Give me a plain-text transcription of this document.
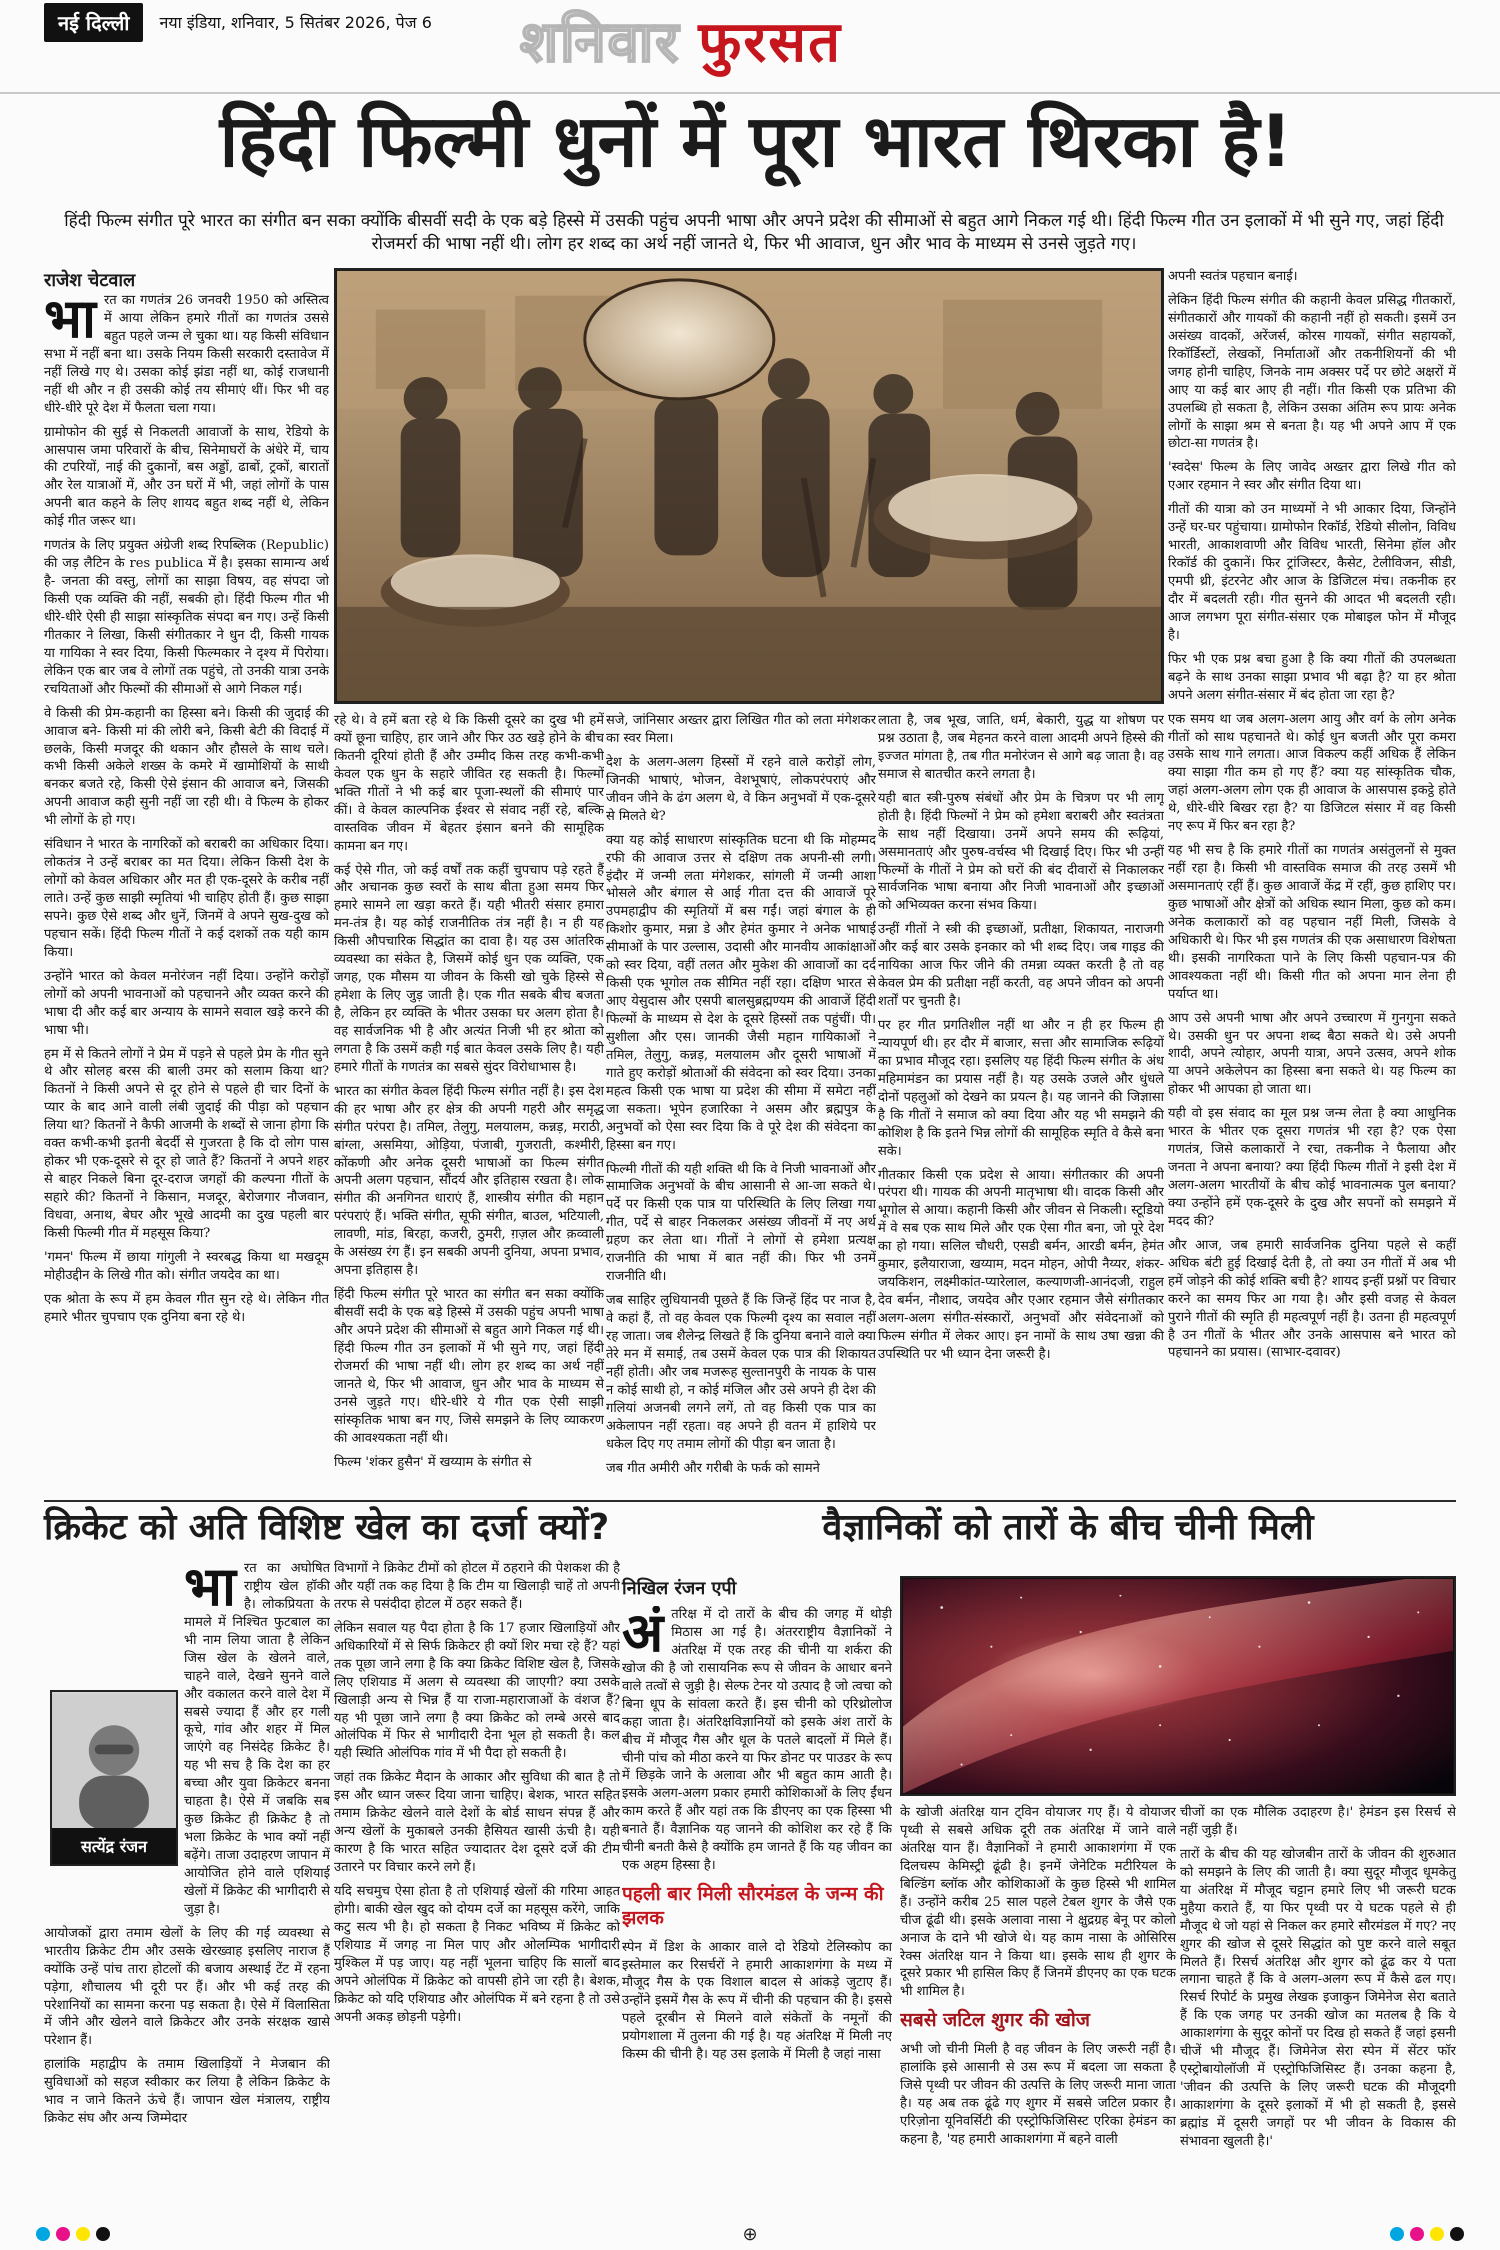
नई दिल्ली	नया इंडिया, शनिवार, 5 सितंबर 2026, पेज 6 शनिवार फुरसत
हिंदी फिल्मी धुनों में पूरा भारत थिरका है!
हिंदी फिल्म संगीत पूरे भारत का संगीत बन सका क्योंकि बीसवीं सदी के एक बड़े हिस्से में उसकी पहुंच अपनी भाषा और अपने प्रदेश की सीमाओं से बहुत आगे निकल गई थी। हिंदी फिल्म गीत उन इलाकों में भी सुने गए, जहां हिंदी रोजमर्रा की भाषा नहीं थी। लोग हर शब्द का अर्थ नहीं जानते थे, फिर भी आवाज, धुन और भाव के माध्यम से उनसे जुड़ते गए।
राजेश चेटवाल

भा रत का गणतंत्र 26 जनवरी 1950 को अस्तित्व में आया लेकिन हमारे गीतों का गणतंत्र उससे बहुत पहले जन्म ले चुका था। यह किसी संविधान सभा में नहीं बना था। उसके नियम किसी सरकारी दस्तावेज में नहीं लिखे गए थे। उसका कोई झंडा नहीं था, कोई राजधानी नहीं थी और न ही उसकी कोई तय सीमाएं थीं। फिर भी वह धीरे-धीरे पूरे देश में फैलता चला गया।

ग्रामोफोन की सुई से निकलती आवाजों के साथ, रेडियो के आसपास जमा परिवारों के बीच, सिनेमाघरों के अंधेरे में, चाय की टपरियों, नाई की दुकानों, बस अड्डों, ढाबों, ट्रकों, बारातों और रेल यात्राओं में, और उन घरों में भी, जहां लोगों के पास अपनी बात कहने के लिए शायद बहुत शब्द नहीं थे, लेकिन कोई गीत जरूर था।

गणतंत्र के लिए प्रयुक्त अंग्रेजी शब्द रिपब्लिक (Republic) की जड़ लैटिन के res publica में है। इसका सामान्य अर्थ है- जनता की वस्तु, लोगों का साझा विषय, वह संपदा जो किसी एक व्यक्ति की नहीं, सबकी हो। हिंदी फिल्म गीत भी धीरे-धीरे ऐसी ही साझा सांस्कृतिक संपदा बन गए। उन्हें किसी गीतकार ने लिखा, किसी संगीतकार ने धुन दी, किसी गायक या गायिका ने स्वर दिया, किसी फिल्मकार ने दृश्य में पिरोया। लेकिन एक बार जब वे लोगों तक पहुंचे, तो उनकी यात्रा उनके रचयिताओं और फिल्मों की सीमाओं से आगे निकल गई।

वे किसी की प्रेम-कहानी का हिस्सा बने। किसी की जुदाई की आवाज बने- किसी मां की लोरी बने, किसी बेटी की विदाई में छलके, किसी मजदूर की थकान और हौसले के साथ चले। कभी किसी अकेले शख्स के कमरे में खामोशियों के साथी बनकर बजते रहे, किसी ऐसे इंसान की आवाज बने, जिसकी अपनी आवाज कही सुनी नहीं जा रही थी। वे फिल्म के होकर भी लोगों के हो गए।

संविधान ने भारत के नागरिकों को बराबरी का अधिकार दिया। लोकतंत्र ने उन्हें बराबर का मत दिया। लेकिन किसी देश के लोगों को केवल अधिकार और मत ही एक-दूसरे के करीब नहीं लाते। उन्हें कुछ साझी स्मृतियां भी चाहिए होती हैं। कुछ साझा सपने। कुछ ऐसे शब्द और धुनें, जिनमें वे अपने सुख-दुख को पहचान सकें। हिंदी फिल्म गीतों ने कई दशकों तक यही काम किया।

उन्होंने भारत को केवल मनोरंजन नहीं दिया। उन्होंने करोड़ों लोगों को अपनी भावनाओं को पहचानने और व्यक्त करने की भाषा दी और कई बार अन्याय के सामने सवाल खड़े करने की भाषा भी।

हम में से कितने लोगों ने प्रेम में पड़ने से पहले प्रेम के गीत सुने थे और सोलह बरस की बाली उमर को सलाम किया था? कितनों ने किसी अपने से दूर होने से पहले ही चार दिनों के प्यार के बाद आने वाली लंबी जुदाई की पीड़ा को पहचान लिया था? कितनों ने कैफी आजमी के शब्दों से जाना होगा कि वक्त कभी-कभी इतनी बेदर्दी से गुजरता है कि दो लोग पास होकर भी एक-दूसरे से दूर हो जाते हैं? कितनों ने अपने शहर से बाहर निकले बिना दूर-दराज जगहों की कल्पना गीतों के सहारे की? कितनों ने किसान, मजदूर, बेरोजगार नौजवान, विधवा, अनाथ, बेघर और भूखे आदमी का दुख पहली बार किसी फिल्मी गीत में महसूस किया?

'गमन' फिल्म में छाया गांगुली ने स्वरबद्ध किया था मखदूम मोहीउद्दीन के लिखे गीत को। संगीत जयदेव का था।

एक श्रोता के रूप में हम केवल गीत सुन रहे थे। लेकिन गीत हमारे भीतर चुपचाप एक दुनिया बना रहे थे।

रहे थे। वे हमें बता रहे थे कि किसी दूसरे का दुख भी हमें क्यों छूना चाहिए, हार जाने और फिर उठ खड़े होने के बीच कितनी दूरियां होती हैं और उम्मीद किस तरह कभी-कभी केवल एक धुन के सहारे जीवित रह सकती है। फिल्मों भक्ति गीतों ने भी कई बार पूजा-स्थलों की सीमाएं पार कीं। वे केवल काल्पनिक ईश्वर से संवाद नहीं रहे, बल्कि वास्तविक जीवन में बेहतर इंसान बनने की सामूहिक कामना बन गए।

कई ऐसे गीत, जो कई वर्षों तक कहीं चुपचाप पड़े रहते हैं और अचानक कुछ स्वरों के साथ बीता हुआ समय फिर हमारे सामने ला खड़ा करते हैं। यही भीतरी संसार हमारा मन-तंत्र है। यह कोई राजनीतिक तंत्र नहीं है। न ही यह किसी औपचारिक सिद्धांत का दावा है। यह उस आंतरिक व्यवस्था का संकेत है, जिसमें कोई धुन एक व्यक्ति, एक जगह, एक मौसम या जीवन के किसी खो चुके हिस्से से हमेशा के लिए जुड़ जाती है। एक गीत सबके बीच बजता है, लेकिन हर व्यक्ति के भीतर उसका घर अलग होता है। वह सार्वजनिक भी है और अत्यंत निजी भी हर श्रोता को लगता है कि उसमें कही गई बात केवल उसके लिए है। यही हमारे गीतों के गणतंत्र का सबसे सुंदर विरोधाभास है।

भारत का संगीत केवल हिंदी फिल्म संगीत नहीं है। इस देश की हर भाषा और हर क्षेत्र की अपनी गहरी और समृद्ध संगीत परंपरा है। तमिल, तेलुगु, मलयालम, कन्नड़, मराठी, बांग्ला, असमिया, ओड़िया, पंजाबी, गुजराती, कश्मीरी, कोंकणी और अनेक दूसरी भाषाओं का फिल्म संगीत अपनी अलग पहचान, सौंदर्य और इतिहास रखता है। लोक संगीत की अनगिनत धाराएं हैं, शास्त्रीय संगीत की महान परंपराएं हैं। भक्ति संगीत, सूफी संगीत, बाउल, भटियाली, लावणी, मांड, बिरहा, कजरी, ठुमरी, ग़ज़ल और क़व्वाली के असंख्य रंग हैं। इन सबकी अपनी दुनिया, अपना प्रभाव, अपना इतिहास है।

हिंदी फिल्म संगीत पूरे भारत का संगीत बन सका क्योंकि बीसवीं सदी के एक बड़े हिस्से में उसकी पहुंच अपनी भाषा और अपने प्रदेश की सीमाओं से बहुत आगे निकल गई थी। हिंदी फिल्म गीत उन इलाकों में भी सुने गए, जहां हिंदी रोजमर्रा की भाषा नहीं थी। लोग हर शब्द का अर्थ नहीं जानते थे, फिर भी आवाज, धुन और भाव के माध्यम से उनसे जुड़ते गए। धीरे-धीरे ये गीत एक ऐसी साझी सांस्कृतिक भाषा बन गए, जिसे समझने के लिए व्याकरण की आवश्यकता नहीं थी।

फिल्म 'शंकर हुसैन' में खय्याम के संगीत से

सजे, जांनिसार अख्तर द्वारा लिखित गीत को लता मंगेशकर का स्वर मिला।

देश के अलग-अलग हिस्सों में रहने वाले करोड़ों लोग, जिनकी भाषाएं, भोजन, वेशभूषाएं, लोकपरंपराएं और जीवन जीने के ढंग अलग थे, वे किन अनुभवों में एक-दूसरे से मिलते थे?

क्या यह कोई साधारण सांस्कृतिक घटना थी कि मोहम्मद रफी की आवाज उत्तर से दक्षिण तक अपनी-सी लगी। इंदौर में जन्मी लता मंगेशकर, सांगली में जन्मी आशा भोसले और बंगाल से आई गीता दत्त की आवाजें पूरे उपमहाद्वीप की स्मृतियों में बस गईं। जहां बंगाल के ही किशोर कुमार, मन्ना डे और हेमंत कुमार ने अनेक भाषाई सीमाओं के पार उल्लास, उदासी और मानवीय आकांक्षाओं को स्वर दिया, वहीं तलत और मुकेश की आवाजों का दर्द किसी एक भूगोल तक सीमित नहीं रहा। दक्षिण भारत से आए येसुदास और एसपी बालसुब्रह्मण्यम की आवाजें हिंदी फिल्मों के माध्यम से देश के दूसरे हिस्सों तक पहुंचीं। पी। सुशीला और एस। जानकी जैसी महान गायिकाओं ने तमिल, तेलुगु, कन्नड़, मलयालम और दूसरी भाषाओं में गाते हुए करोड़ों श्रोताओं की संवेदना को स्वर दिया। उनका महत्व किसी एक भाषा या प्रदेश की सीमा में समेटा नहीं जा सकता। भूपेन हजारिका ने असम और ब्रह्मपुत्र के अनुभवों को ऐसा स्वर दिया कि वे पूरे देश की संवेदना का हिस्सा बन गए।

फिल्मी गीतों की यही शक्ति थी कि वे निजी भावनाओं और सामाजिक अनुभवों के बीच आसानी से आ-जा सकते थे। पर्दे पर किसी एक पात्र या परिस्थिति के लिए लिखा गया गीत, पर्दे से बाहर निकलकर असंख्य जीवनों में नए अर्थ ग्रहण कर लेता था। गीतों ने लोगों से हमेशा प्रत्यक्ष राजनीति की भाषा में बात नहीं की। फिर भी उनमें राजनीति थी।

जब साहिर लुधियानवी पूछते हैं कि जिन्हें हिंद पर नाज है, वे कहां हैं, तो वह केवल एक फिल्मी दृश्य का सवाल नहीं रह जाता। जब शैलेन्द्र लिखते हैं कि दुनिया बनाने वाले क्या तेरे मन में समाई, तब उसमें केवल एक पात्र की शिकायत नहीं होती। और जब मजरूह सुल्तानपुरी के नायक के पास न कोई साथी हो, न कोई मंजिल और उसे अपने ही देश की गलियां अजनबी लगने लगें, तो वह किसी एक पात्र का अकेलापन नहीं रहता। वह अपने ही वतन में हाशिये पर धकेल दिए गए तमाम लोगों की पीड़ा बन जाता है।

जब गीत अमीरी और गरीबी के फर्क को सामने

लाता है, जब भूख, जाति, धर्म, बेकारी, युद्ध या शोषण पर प्रश्न उठाता है, जब मेहनत करने वाला आदमी अपने हिस्से की इज्जत मांगता है, तब गीत मनोरंजन से आगे बढ़ जाता है। वह समाज से बातचीत करने लगता है।

यही बात स्त्री-पुरुष संबंधों और प्रेम के चित्रण पर भी लागू होती है। हिंदी फिल्मों ने प्रेम को हमेशा बराबरी और स्वतंत्रता के साथ नहीं दिखाया। उनमें अपने समय की रूढ़ियां, असमानताएं और पुरुष-वर्चस्व भी दिखाई दिए। फिर भी उन्हीं फिल्मों के गीतों ने प्रेम को घरों की बंद दीवारों से निकालकर सार्वजनिक भाषा बनाया और निजी भावनाओं और इच्छाओं को अभिव्यक्त करना संभव किया।

उन्हीं गीतों ने स्त्री की इच्छाओं, प्रतीक्षा, शिकायत, नाराजगी और कई बार उसके इनकार को भी शब्द दिए। जब गाइड की नायिका आज फिर जीने की तमन्ना व्यक्त करती है तो वह केवल प्रेम की प्रतीक्षा नहीं करती, वह अपने जीवन को अपनी शर्तों पर चुनती है।

पर हर गीत प्रगतिशील नहीं था और न ही हर फिल्म ही न्यायपूर्ण थी। हर दौर में बाजार, सत्ता और सामाजिक रूढ़ियों का प्रभाव मौजूद रहा। इसलिए यह हिंदी फिल्म संगीत के अंध महिमामंडन का प्रयास नहीं है। यह उसके उजले और धुंधले दोनों पहलुओं को देखने का प्रयत्न है। यह जानने की जिज्ञासा है कि गीतों ने समाज को क्या दिया और यह भी समझने की कोशिश है कि इतने भिन्न लोगों की सामूहिक स्मृति वे कैसे बना सके।

गीतकार किसी एक प्रदेश से आया। संगीतकार की अपनी परंपरा थी। गायक की अपनी मातृभाषा थी। वादक किसी और भूगोल से आया। कहानी किसी और जीवन से निकली। स्टूडियो में वे सब एक साथ मिले और एक ऐसा गीत बना, जो पूरे देश का हो गया। सलिल चौधरी, एसडी बर्मन, आरडी बर्मन, हेमंत कुमार, इलैयाराजा, खय्याम, मदन मोहन, ओपी नैय्यर, शंकर-जयकिशन, लक्ष्मीकांत-प्यारेलाल, कल्याणजी-आनंदजी, राहुल देव बर्मन, नौशाद, जयदेव और एआर रहमान जैसे संगीतकार अलग-अलग संगीत-संस्कारों, अनुभवों और संवेदनाओं को फिल्म संगीत में लेकर आए। इन नामों के साथ उषा खन्ना की उपस्थिति पर भी ध्यान देना जरूरी है।

अपनी स्वतंत्र पहचान बनाई।

लेकिन हिंदी फिल्म संगीत की कहानी केवल प्रसिद्ध गीतकारों, संगीतकारों और गायकों की कहानी नहीं हो सकती। इसमें उन असंख्य वादकों, अरेंजर्स, कोरस गायकों, संगीत सहायकों, रिकॉर्डिस्टों, लेखकों, निर्माताओं और तकनीशियनों की भी जगह होनी चाहिए, जिनके नाम अक्सर पर्दे पर छोटे अक्षरों में आए या कई बार आए ही नहीं। गीत किसी एक प्रतिभा की उपलब्धि हो सकता है, लेकिन उसका अंतिम रूप प्रायः अनेक लोगों के साझा श्रम से बनता है। यह भी अपने आप में एक छोटा-सा गणतंत्र है।

'स्वदेस' फिल्म के लिए जावेद अख्तर द्वारा लिखे गीत को एआर रहमान ने स्वर और संगीत दिया था।

गीतों की यात्रा को उन माध्यमों ने भी आकार दिया, जिन्होंने उन्हें घर-घर पहुंचाया। ग्रामोफोन रिकॉर्ड, रेडियो सीलोन, विविध भारती, आकाशवाणी और विविध भारती, सिनेमा हॉल और रिकॉर्ड की दुकानें। फिर ट्रांजिस्टर, कैसेट, टेलीविजन, सीडी, एमपी थ्री, इंटरनेट और आज के डिजिटल मंच। तकनीक हर दौर में बदलती रही। गीत सुनने की आदत भी बदलती रही। आज लगभग पूरा संगीत-संसार एक मोबाइल फोन में मौजूद है।

फिर भी एक प्रश्न बचा हुआ है कि क्या गीतों की उपलब्धता बढ़ने के साथ उनका साझा प्रभाव भी बढ़ा है? या हर श्रोता अपने अलग संगीत-संसार में बंद होता जा रहा है?

एक समय था जब अलग-अलग आयु और वर्ग के लोग अनेक गीतों को साथ पहचानते थे। कोई धुन बजती और पूरा कमरा उसके साथ गाने लगता। आज विकल्प कहीं अधिक हैं लेकिन क्या साझा गीत कम हो गए हैं? क्या यह सांस्कृतिक चौक, जहां अलग-अलग लोग एक ही आवाज के आसपास इकट्ठे होते थे, धीरे-धीरे बिखर रहा है? या डिजिटल संसार में वह किसी नए रूप में फिर बन रहा है?

यह भी सच है कि हमारे गीतों का गणतंत्र असंतुलनों से मुक्त नहीं रहा है। किसी भी वास्तविक समाज की तरह उसमें भी असमानताएं रहीं हैं। कुछ आवाजें केंद्र में रहीं, कुछ हाशिए पर। कुछ भाषाओं और क्षेत्रों को अधिक स्थान मिला, कुछ को कम। अनेक कलाकारों को वह पहचान नहीं मिली, जिसके वे अधिकारी थे। फिर भी इस गणतंत्र की एक असाधारण विशेषता थी। इसकी नागरिकता पाने के लिए किसी पहचान-पत्र की आवश्यकता नहीं थी। किसी गीत को अपना मान लेना ही पर्याप्त था।

आप उसे अपनी भाषा और अपने उच्चारण में गुनगुना सकते थे। उसकी धुन पर अपना शब्द बैठा सकते थे। उसे अपनी शादी, अपने त्योहार, अपनी यात्रा, अपने उत्सव, अपने शोक या अपने अकेलेपन का हिस्सा बना सकते थे। यह फिल्म का होकर भी आपका हो जाता था।

यही वो इस संवाद का मूल प्रश्न जन्म लेता है क्या आधुनिक भारत के भीतर एक दूसरा गणतंत्र भी रहा है? एक ऐसा गणतंत्र, जिसे कलाकारों ने रचा, तकनीक ने फैलाया और जनता ने अपना बनाया? क्या हिंदी फिल्म गीतों ने इसी देश में अलग-अलग भारतीयों के बीच कोई भावनात्मक पुल बनाया? क्या उन्होंने हमें एक-दूसरे के दुख और सपनों को समझने में मदद की?

और आज, जब हमारी सार्वजनिक दुनिया पहले से कहीं अधिक बंटी हुई दिखाई देती है, तो क्या उन गीतों में अब भी हमें जोड़ने की कोई शक्ति बची है? शायद इन्हीं प्रश्नों पर विचार करने का समय फिर आ गया है। और इसी वजह से केवल पुराने गीतों की स्मृति ही महत्वपूर्ण नहीं है। उतना ही महत्वपूर्ण है उन गीतों के भीतर और उनके आसपास बने भारत को पहचानने का प्रयास। (साभार-दवावर)

क्रिकेट को अति विशिष्ट खेल का दर्जा क्यों?	वैज्ञानिकों को तारों के बीच चीनी मिली
सत्येंद्र रंजन

भा रत का अघोषित राष्ट्रीय खेल हॉकी है। लोकप्रियता के मामले में निश्चित फुटबाल का भी नाम लिया जाता है लेकिन जिस खेल के खेलने वाले, चाहने वाले, देखने सुनने वाले और वकालत करने वाले देश में सबसे ज्यादा हैं और हर गली कूचे, गांव और शहर में मिल जाएंगे वह निसंदेह क्रिकेट है। यह भी सच है कि देश का हर बच्चा और युवा क्रिकेटर बनना चाहता है। ऐसे में जबकि सब कुछ क्रिकेट ही क्रिकेट है तो भला क्रिकेट के भाव क्यों नहीं बढ़ेंगे। ताजा उदाहरण जापान में आयोजित होने वाले एशियाई खेलों में क्रिकेट की भागीदारी से जुड़ा है।

आयोजकों द्वारा तमाम खेलों के लिए की गई व्यवस्था से भारतीय क्रिकेट टीम और उसके खेरख्वाह इसलिए नाराज हैं क्योंकि उन्हें पांच तारा होटलों की बजाय अस्थाई टेंट में रहना पड़ेगा, शौचालय भी दूरी पर हैं। और भी कई तरह की परेशानियों का सामना करना पड़ सकता है। ऐसे में विलासिता में जीने और खेलने वाले क्रिकेटर और उनके संरक्षक खासे परेशान हैं।

हालांकि महाद्वीप के तमाम खिलाड़ियों ने मेजबान की सुविधाओं को सहज स्वीकार कर लिया है लेकिन क्रिकेट के भाव न जाने कितने ऊंचे हैं। जापान खेल मंत्रालय, राष्ट्रीय क्रिकेट संघ और अन्य जिम्मेदार

विभागों ने क्रिकेट टीमों को होटल में ठहराने की पेशकश की है और यहीं तक कह दिया है कि टीम या खिलाड़ी चाहें तो अपनी तरफ से पसंदीदा होटल में ठहर सकते हैं।

लेकिन सवाल यह पैदा होता है कि 17 हजार खिलाड़ियों और अधिकारियों में से सिर्फ क्रिकेटर ही क्यों शिर मचा रहे हैं? यहां तक पूछा जाने लगा है कि क्या क्रिकेट विशिष्ट खेल है, जिसके लिए एशियाड में अलग से व्यवस्था की जाएगी? क्या उसके खिलाड़ी अन्य से भिन्न हैं या राजा-महाराजाओं के वंशज हैं? यह भी पूछा जाने लगा है क्या क्रिकेट को लम्बे अरसे बाद ओलंपिक में फिर से भागीदारी देना भूल हो सकती है। कल यही स्थिति ओलंपिक गांव में भी पैदा हो सकती है।

जहां तक क्रिकेट मैदान के आकार और सुविधा की बात है तो इस और ध्यान जरूर दिया जाना चाहिए। बेशक, भारत सहित तमाम क्रिकेट खेलने वाले देशों के बोर्ड साधन संपन्न हैं और अन्य खेलों के मुकाबले उनकी हैसियत खासी ऊंची है। यही कारण है कि भारत सहित ज्यादातर देश दूसरे दर्जे की टीम उतारने पर विचार करने लगे हैं।

यदि सचमुच ऐसा होता है तो एशियाई खेलों की गरिमा आहत होगी। बाकी खेल खुद को दोयम दर्जे का महसूस करेंगे, जाकि कटु सत्य भी है। हो सकता है निकट भविष्य में क्रिकेट को एशियाड में जगह ना मिल पाए और ओलम्पिक भागीदारी मुश्किल में पड़ जाए। यह नहीं भूलना चाहिए कि सालों बाद अपने ओलंपिक में क्रिकेट को वापसी होने जा रही है। बेशक, क्रिकेट को यदि एशियाड और ओलंपिक में बने रहना है तो उसे अपनी अकड़ छोड़नी पड़ेगी।

निखिल रंजन एपी

अं तरिक्ष में दो तारों के बीच की जगह में थोड़ी मिठास आ गई है। अंतरराष्ट्रीय वैज्ञानिकों ने अंतरिक्ष में एक तरह की चीनी या शर्करा की खोज की है जो रासायनिक रूप से जीवन के आधार बनने वाले तत्वों से जुड़ी है। सेल्फ टेनर यो उत्पाद है जो त्वचा को बिना धूप के सांवला करते हैं। इस चीनी को एरिथ्रोलोज कहा जाता है। अंतरिक्षविज्ञानियों को इसके अंश तारों के बीच में मौजूद गैस और धूल के पतले बादलों में मिले हैं। चीनी पांच को मीठा करने या फिर डोनट पर पाउडर के रूप में छिड़के जाने के अलावा और भी बहुत काम आती है। इसके अलग-अलग प्रकार हमारी कोशिकाओं के लिए ईंधन काम करते हैं और यहां तक कि डीएनए का एक हिस्सा भी बनाते हैं। वैज्ञानिक यह जानने की कोशिश कर रहे हैं कि चीनी बनती कैसे है क्योंकि हम जानते हैं कि यह जीवन का एक अहम हिस्सा है।

पहली बार मिली सौरमंडल के जन्म की झलक

स्पेन में डिश के आकार वाले दो रेडियो टेलिस्कोप का इस्तेमाल कर रिसर्चरों ने हमारी आकाशगंगा के मध्य में मौजूद गैस के एक विशाल बादल से आंकड़े जुटाए हैं। उन्होंने इसमें गैस के रूप में चीनी की पहचान की है। इससे पहले दूरबीन से मिलने वाले संकेतों के नमूनों की प्रयोगशाला में तुलना की गई है। यह अंतरिक्ष में मिली नए किस्म की चीनी है। यह उस इलाके में मिली है जहां नासा

के खोजी अंतरिक्ष यान ट्विन वोयाजर गए हैं। ये वोयाजर पृथ्वी से सबसे अधिक दूरी तक अंतरिक्ष में जाने वाले अंतरिक्ष यान हैं। वैज्ञानिकों ने हमारी आकाशगंगा में एक दिलचस्प केमिस्ट्री ढूंढी है। इनमें जेनेटिक मटीरियल के बिल्डिंग ब्लॉक और कोशिकाओं के कुछ हिस्से भी शामिल हैं। उन्होंने करीब 25 साल पहले टेबल शुगर के जैसे एक चीज ढूंढी थी। इसके अलावा नासा ने क्षुद्रग्रह बेनू पर कोलो अनाज के दाने भी खोजे थे। यह काम नासा के ओसिरिस रेक्स अंतरिक्ष यान ने किया था। इसके साथ ही शुगर के दूसरे प्रकार भी हासिल किए हैं जिनमें डीएनए का एक घटक भी शामिल है।

सबसे जटिल शुगर की खोज

अभी जो चीनी मिली है वह जीवन के लिए जरूरी नहीं है। हालांकि इसे आसानी से उस रूप में बदला जा सकता है जिसे पृथ्वी पर जीवन की उत्पत्ति के लिए जरूरी माना जाता है। यह अब तक ढूंढे गए शुगर में सबसे जटिल प्रकार है। एरिज़ोना यूनिवर्सिटी की एस्ट्रोफिजिसिस्ट एरिका हेमंडन का कहना है, 'यह हमारी आकाशगंगा में बहने वाली

चीजों का एक मौलिक उदाहरण है।' हेमंडन इस रिसर्च से नहीं जुड़ी हैं।

तारों के बीच की यह खोजबीन तारों के जीवन की शुरुआत को समझने के लिए की जाती है। क्या सुदूर मौजूद धूमकेतु या अंतरिक्ष में मौजूद चट्टान हमारे लिए भी जरूरी घटक मुहैया कराते हैं, या फिर पृथ्वी पर ये घटक पहले से ही मौजूद थे जो यहां से निकल कर हमारे सौरमंडल में गए? नए शुगर की खोज से दूसरे सिद्धांत को पुष्ट करने वाले सबूत मिलते हैं। रिसर्च अंतरिक्ष और शुगर को ढूंढ कर ये पता लगाना चाहते हैं कि वे अलग-अलग रूप में कैसे ढल गए। रिसर्च रिपोर्ट के प्रमुख लेखक इजाकुन जिमेनेज सेरा बताते हैं कि एक जगह पर उनकी खोज का मतलब है कि ये आकाशगंगा के सुदूर कोनों पर दिख हो सकते हैं जहां इसनी चीजें भी मौजूद हैं। जिमेनेज सेरा स्पेन में सेंटर फॉर एस्ट्रोबायोलॉजी में एस्ट्रोफिजिसिस्ट हैं। उनका कहना है, 'जीवन की उत्पत्ति के लिए जरूरी घटक की मौजूदगी आकाशगंगा के दूसरे इलाकों में भी हो सकती है, इससे ब्रह्मांड में दूसरी जगहों पर भी जीवन के विकास की संभावना खुलती है।'

⊕
